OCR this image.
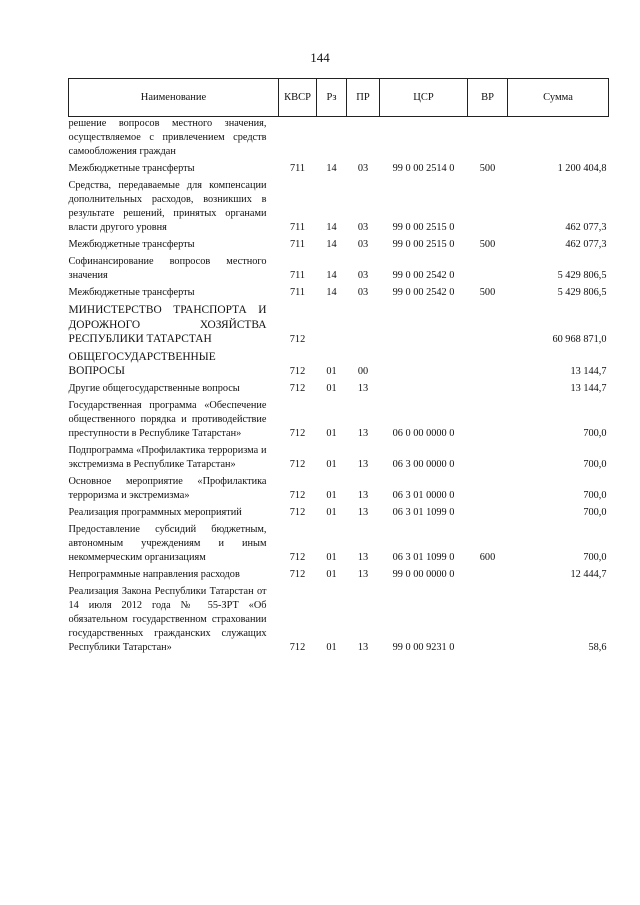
144
Наименование	КВСР	Рз	ПР	ЦСР	ВР	Сумма
решение вопросов местного значения, осуществляемое с привлечением средств самообложения граждан						
Межбюджетные трансферты	711	14	03	99 0 00 2514 0	500	1 200 404,8
Средства, передаваемые для компенсации дополнительных расходов, возникших в результате решений, принятых органами власти другого уровня	711	14	03	99 0 00 2515 0		462 077,3
Межбюджетные трансферты	711	14	03	99 0 00 2515 0	500	462 077,3
Софинансирование вопросов местного значения	711	14	03	99 0 00 2542 0		5 429 806,5
Межбюджетные трансферты	711	14	03	99 0 00 2542 0	500	5 429 806,5
МИНИСТЕРСТВО ТРАНСПОРТА И ДОРОЖНОГО ХОЗЯЙСТВА РЕСПУБЛИКИ ТАТАРСТАН	712					60 968 871,0
ОБЩЕГОСУДАРСТВЕННЫЕ ВОПРОСЫ	712	01	00			13 144,7
Другие общегосударственные вопросы	712	01	13			13 144,7
Государственная программа «Обеспечение общественного порядка и противодействие преступности в Республике Татарстан»	712	01	13	06 0 00 0000 0		700,0
Подпрограмма «Профилактика терроризма и экстремизма в Республике Татарстан»	712	01	13	06 3 00 0000 0		700,0
Основное мероприятие «Профилактика терроризма и экстремизма»	712	01	13	06 3 01 0000 0		700,0
Реализация программных мероприятий	712	01	13	06 3 01 1099 0		700,0
Предоставление субсидий бюджетным, автономным учреждениям и иным некоммерческим организациям	712	01	13	06 3 01 1099 0	600	700,0
Непрограммные направления расходов	712	01	13	99 0 00 0000 0		12 444,7
Реализация Закона Республики Татарстан от 14 июля 2012 года № 55-ЗРТ «Об обязательном государственном страховании государственных гражданских служащих Республики Татарстан»	712	01	13	99 0 00 9231 0		58,6
